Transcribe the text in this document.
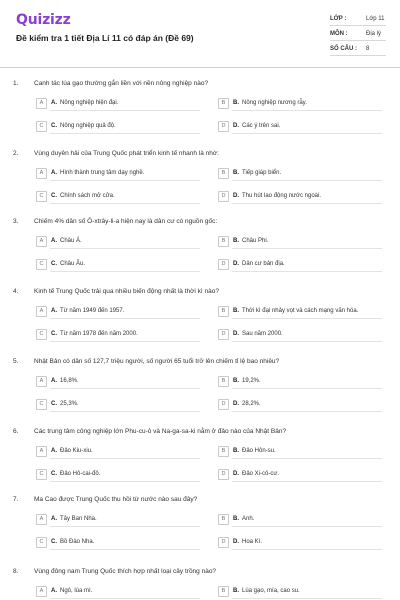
Quizizz
Đề kiểm tra 1 tiết Địa Lí 11 có đáp án (Đề 69)
LỚP :	Lớp 11
MÔN :	Địa lý
SỐ CÂU : 8
1. Canh tác lúa gạo thường gắn liền với nền nông nghiệp nào?
A	A. Nông nghiệp hiện đại.	B	B. Nông nghiệp nương rẫy.
C	C. Nông nghiệp quả độ.	D	D. Các ý trên sai.
2. Vùng duyên hải của Trung Quốc phát triển kinh tế nhanh là nhờ:
A	A. Hình thành trung tâm dạy nghề.	B	B. Tiếp giáp biển.
C	C. Chính sách mở cửa.	D	D. Thu hút lao động nước ngoài.
3. Chiếm 4% dân số Ô-xtrây-li-a hiện nay là dân cư có nguồn gốc:
A	A. Châu Á.	B	B. Châu Phi.
C	C. Châu Âu.	D	D. Dân cư bản địa.
4. Kinh tế Trung Quốc trải qua nhiều biến động nhất là thời kì nào?
A	A. Từ năm 1949 đến 1957.	B	B. Thời kì đại nhảy vọt và cách mạng văn hóa.
C	C. Từ năm 1978 đến năm 2000.	D	D. Sau năm 2000.
5. Nhật Bản có dân số 127,7 triệu người, số người 65 tuổi trở lên chiếm tỉ lệ bao nhiêu?
A	A. 16,8%.	B	B. 19,2%.
C	C. 25,3%.	D	D. 28,2%.
6. Các trung tâm công nghiệp lớn Phu-cu-ô và Na-ga-sa-ki nằm ở đảo nào của Nhật Bản?
A	A. Đảo Kiu-xiu.	B	B. Đảo Hôn-su.
C	C. Đảo Hô-cai-đô.	D	D. Đảo Xi-cô-cư.
7. Ma Cao được Trung Quốc thu hồi từ nước nào sau đây?
A	A. Tây Ban Nha.	B	B. Anh.
C	C. Bồ Đào Nha.	D	D. Hoa Kì.
8. Vùng đông nam Trung Quốc thích hợp nhất loại cây trồng nào?
A	A. Ngô, lúa mì.	B	B. Lúa gạo, mía, cao su.
